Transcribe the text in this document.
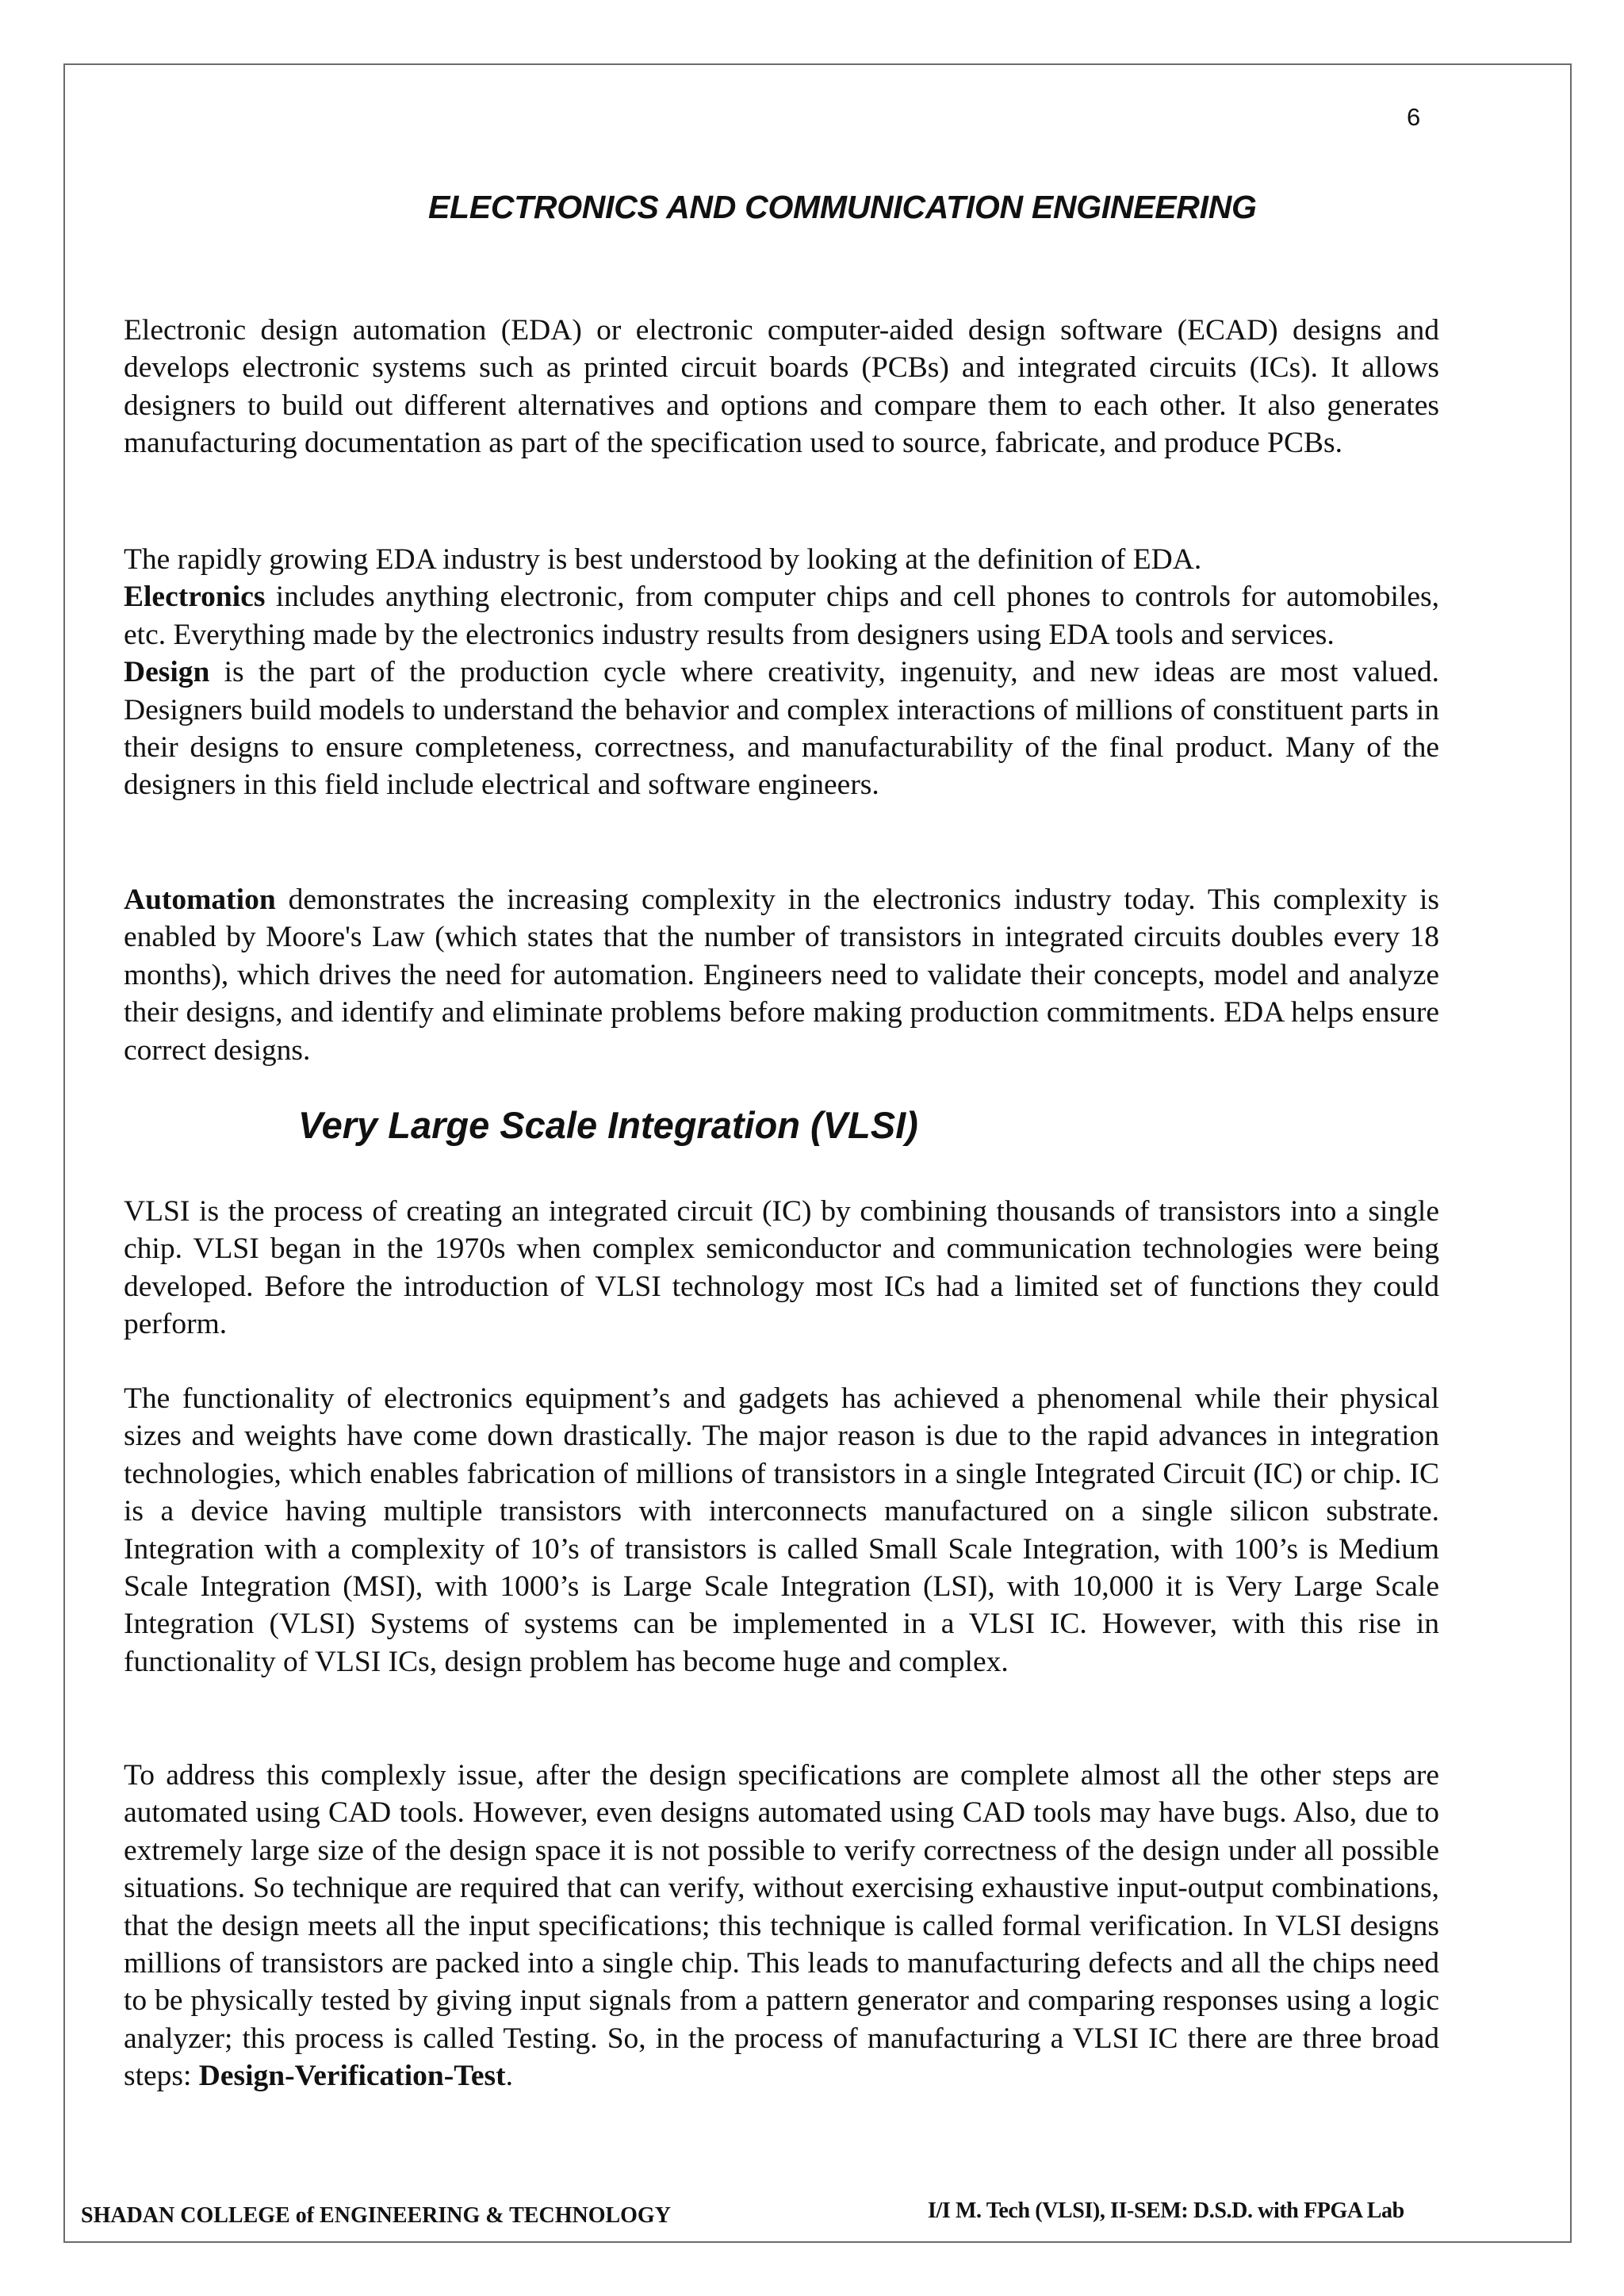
6
ELECTRONICS AND COMMUNICATION ENGINEERING

Electronic design automation (EDA) or electronic computer-aided design software (ECAD) designs and develops electronic systems such as printed circuit boards (PCBs) and integrated circuits (ICs). It allows designers to build out different alternatives and options and compare them to each other. It also generates manufacturing documentation as part of the specification used to source, fabricate, and produce PCBs.

The rapidly growing EDA industry is best understood by looking at the definition of EDA.
Electronics includes anything electronic, from computer chips and cell phones to controls for automobiles, etc. Everything made by the electronics industry results from designers using EDA tools and services.
Design is the part of the production cycle where creativity, ingenuity, and new ideas are most valued. Designers build models to understand the behavior and complex interactions of millions of constituent parts in their designs to ensure completeness, correctness, and manufacturability of the final product. Many of the designers in this field include electrical and software engineers.

Automation demonstrates the increasing complexity in the electronics industry today. This complexity is enabled by Moore's Law (which states that the number of transistors in integrated circuits doubles every 18 months), which drives the need for automation. Engineers need to validate their concepts, model and analyze their designs, and identify and eliminate problems before making production commitments. EDA helps ensure correct designs.

Very Large Scale Integration (VLSI)

VLSI is the process of creating an integrated circuit (IC) by combining thousands of transistors into a single chip. VLSI began in the 1970s when complex semiconductor and communication technologies were being developed. Before the introduction of VLSI technology most ICs had a limited set of functions they could perform.

The functionality of electronics equipment’s and gadgets has achieved a phenomenal while their physical sizes and weights have come down drastically. The major reason is due to the rapid advances in integration technologies, which enables fabrication of millions of transistors in a single Integrated Circuit (IC) or chip. IC is a device having multiple transistors with interconnects manufactured on a single silicon substrate. Integration with a complexity of 10’s of transistors is called Small Scale Integration, with 100’s is Medium Scale Integration (MSI), with 1000’s is Large Scale Integration (LSI), with 10,000 it is Very Large Scale Integration (VLSI) Systems of systems can be implemented in a VLSI IC. However, with this rise in functionality of VLSI ICs, design problem has become huge and complex.

To address this complexly issue, after the design specifications are complete almost all the other steps are automated using CAD tools. However, even designs automated using CAD tools may have bugs. Also, due to extremely large size of the design space it is not possible to verify correctness of the design under all possible situations. So technique are required that can verify, without exercising exhaustive input-output combinations, that the design meets all the input specifications; this technique is called formal verification. In VLSI designs millions of transistors are packed into a single chip. This leads to manufacturing defects and all the chips need to be physically tested by giving input signals from a pattern generator and comparing responses using a logic analyzer; this process is called Testing. So, in the process of manufacturing a VLSI IC there are three broad steps: Design-Verification-Test.

SHADAN COLLEGE of ENGINEERING & TECHNOLOGY	I/I M. Tech (VLSI), II-SEM: D.S.D. with FPGA Lab
